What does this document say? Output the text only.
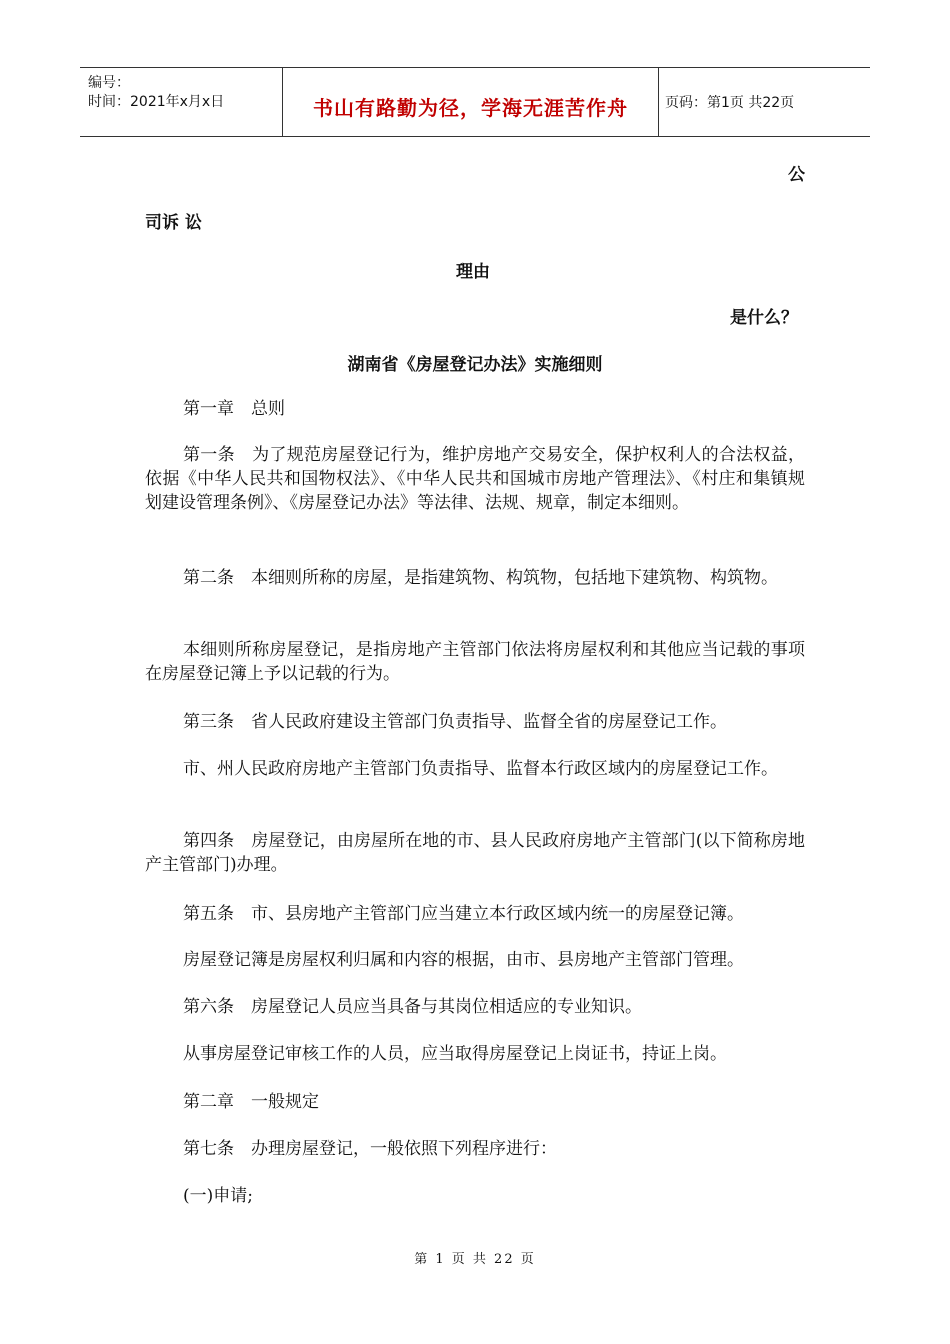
编号：
时间：2021年x月x日	书山有路勤为径，学海无涯苦作舟	页码：第1页 共22页
公
司诉 讼
理由
是什么？
湖南省《房屋登记办法》实施细则
第一章　总则
第一条　为了规范房屋登记行为，维护房地产交易安全，保护权利人的合法权益，依据《中华人民共和国物权法》、《中华人民共和国城市房地产管理法》、《村庄和集镇规划建设管理条例》、《房屋登记办法》等法律、法规、规章，制定本细则。
第二条　本细则所称的房屋，是指建筑物、构筑物，包括地下建筑物、构筑物。
本细则所称房屋登记，是指房地产主管部门依法将房屋权利和其他应当记载的事项在房屋登记簿上予以记载的行为。
第三条　省人民政府建设主管部门负责指导、监督全省的房屋登记工作。
市、州人民政府房地产主管部门负责指导、监督本行政区域内的房屋登记工作。
第四条　房屋登记，由房屋所在地的市、县人民政府房地产主管部门(以下简称房地产主管部门)办理。
第五条　市、县房地产主管部门应当建立本行政区域内统一的房屋登记簿。
房屋登记簿是房屋权利归属和内容的根据，由市、县房地产主管部门管理。
第六条　房屋登记人员应当具备与其岗位相适应的专业知识。
从事房屋登记审核工作的人员，应当取得房屋登记上岗证书，持证上岗。
第二章　一般规定
第七条　办理房屋登记，一般依照下列程序进行：
(一)申请;
第 1 页 共 22 页
